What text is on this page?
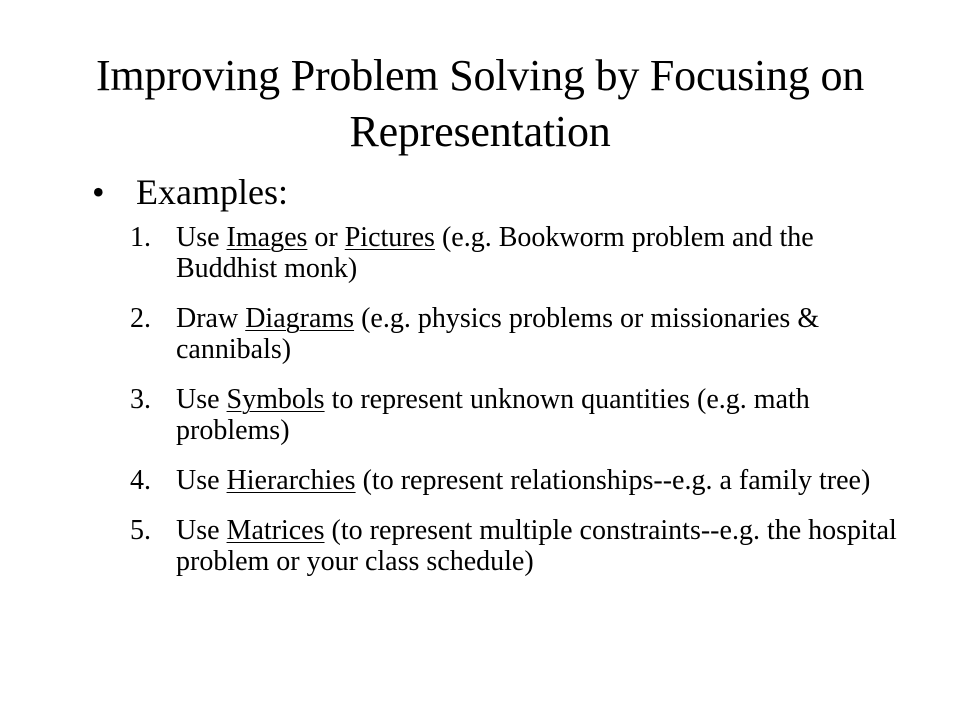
Improving Problem Solving by Focusing on Representation
• Examples:
1. Use Images or Pictures (e.g. Bookworm problem and the Buddhist monk)
2. Draw Diagrams (e.g. physics problems or missionaries & cannibals)
3. Use Symbols to represent unknown quantities (e.g. math problems)
4. Use Hierarchies (to represent relationships--e.g. a family tree)
5. Use Matrices (to represent multiple constraints--e.g. the hospital problem or your class schedule)
